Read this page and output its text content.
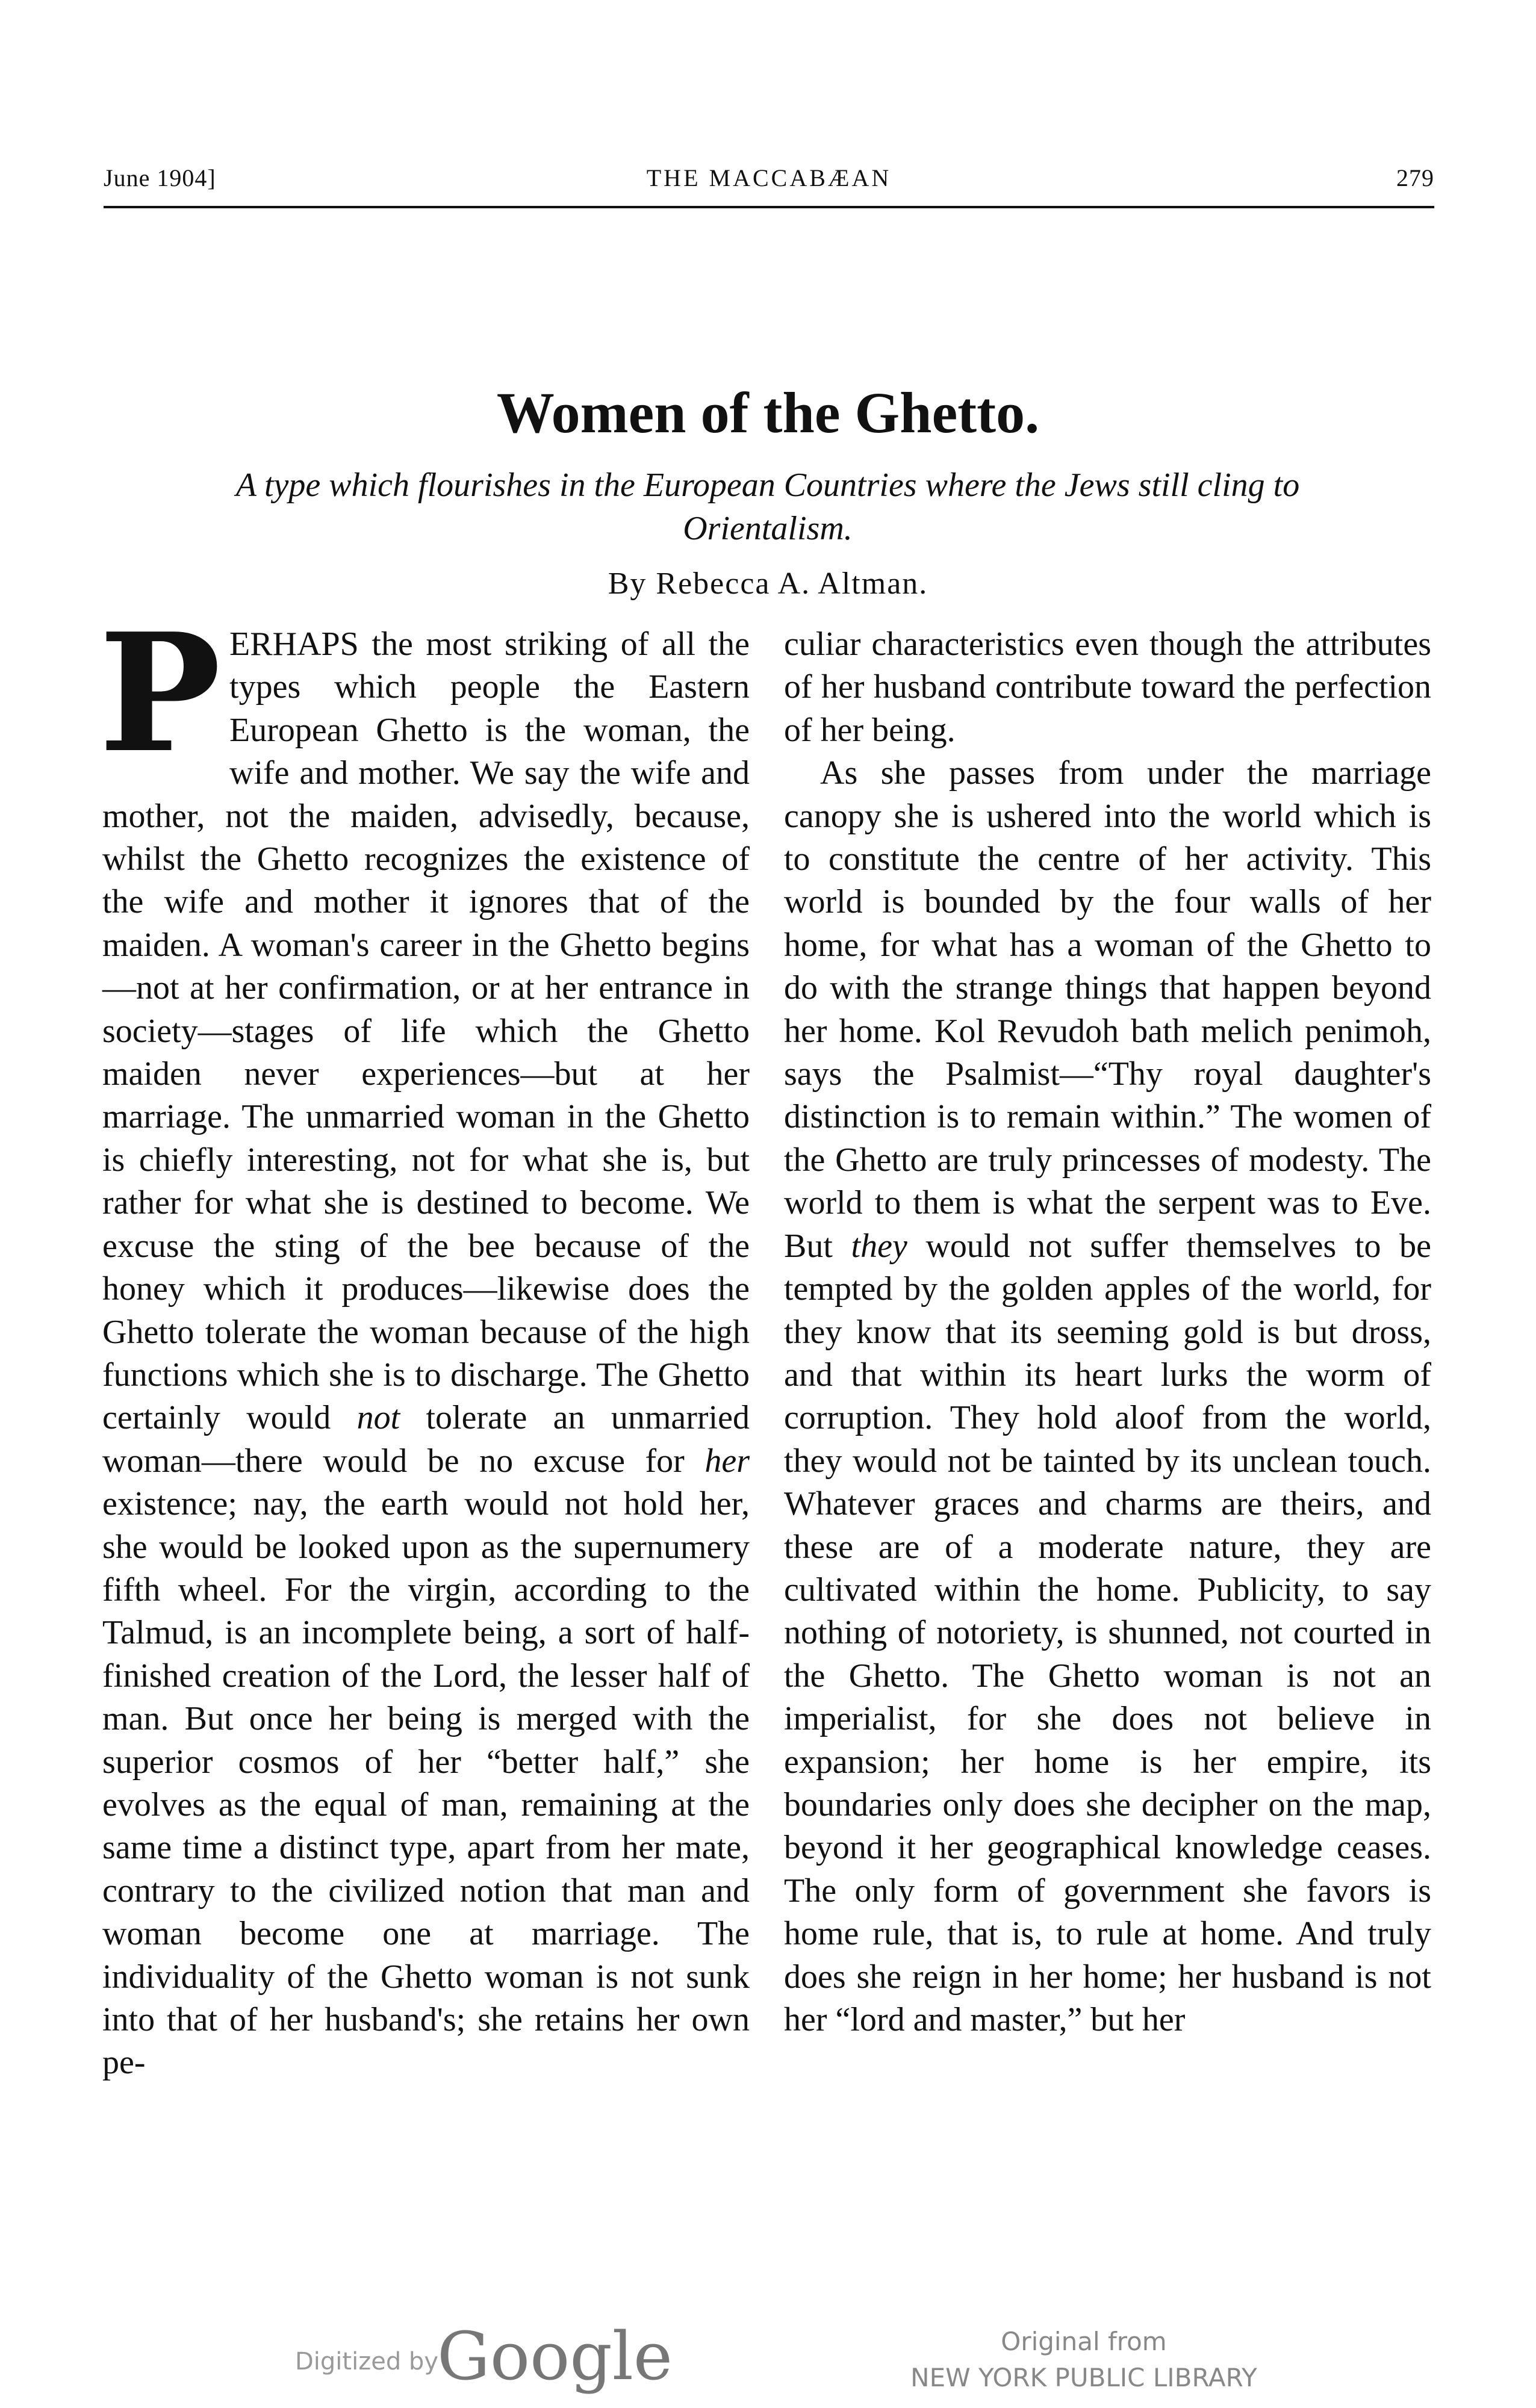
June 1904]	THE MACCABÆAN	279
Women of the Ghetto.
A type which flourishes in the European Countries where the Jews still cling to Orientalism.
By Rebecca A. Altman.

PERHAPS the most striking of all the types which people the Eastern European Ghetto is the woman, the wife and mother. We say the wife and mother, not the maiden, advisedly, because, whilst the Ghetto recognizes the existence of the wife and mother it ignores that of the maiden. A woman's career in the Ghetto begins—not at her confirmation, or at her entrance in society—stages of life which the Ghetto maiden never experiences—but at her marriage. The unmarried woman in the Ghetto is chiefly interesting, not for what she is, but rather for what she is destined to become. We excuse the sting of the bee because of the honey which it produces—likewise does the Ghetto tolerate the woman because of the high functions which she is to discharge. The Ghetto certainly would not tolerate an unmarried woman—there would be no excuse for her existence; nay, the earth would not hold her, she would be looked upon as the supernumery fifth wheel. For the virgin, according to the Talmud, is an incomplete being, a sort of half-finished creation of the Lord, the lesser half of man. But once her being is merged with the superior cosmos of her “better half,” she evolves as the equal of man, remaining at the same time a distinct type, apart from her mate, contrary to the civilized notion that man and woman become one at marriage. The individuality of the Ghetto woman is not sunk into that of her husband's; she retains her own pe-

culiar characteristics even though the attributes of her husband contribute toward the perfection of her being.

As she passes from under the marriage canopy she is ushered into the world which is to constitute the centre of her activity. This world is bounded by the four walls of her home, for what has a woman of the Ghetto to do with the strange things that happen beyond her home. Kol Revudoh bath melich penimoh, says the Psalmist—“Thy royal daughter's distinction is to remain within.” The women of the Ghetto are truly princesses of modesty. The world to them is what the serpent was to Eve. But they would not suffer themselves to be tempted by the golden apples of the world, for they know that its seeming gold is but dross, and that within its heart lurks the worm of corruption. They hold aloof from the world, they would not be tainted by its unclean touch. Whatever graces and charms are theirs, and these are of a moderate nature, they are cultivated within the home. Publicity, to say nothing of notoriety, is shunned, not courted in the Ghetto. The Ghetto woman is not an imperialist, for she does not believe in expansion; her home is her empire, its boundaries only does she decipher on the map, beyond it her geographical knowledge ceases. The only form of government she favors is home rule, that is, to rule at home. And truly does she reign in her home; her husband is not her “lord and master,” but her

Digitized by
Google	Original from
NEW YORK PUBLIC LIBRARY
